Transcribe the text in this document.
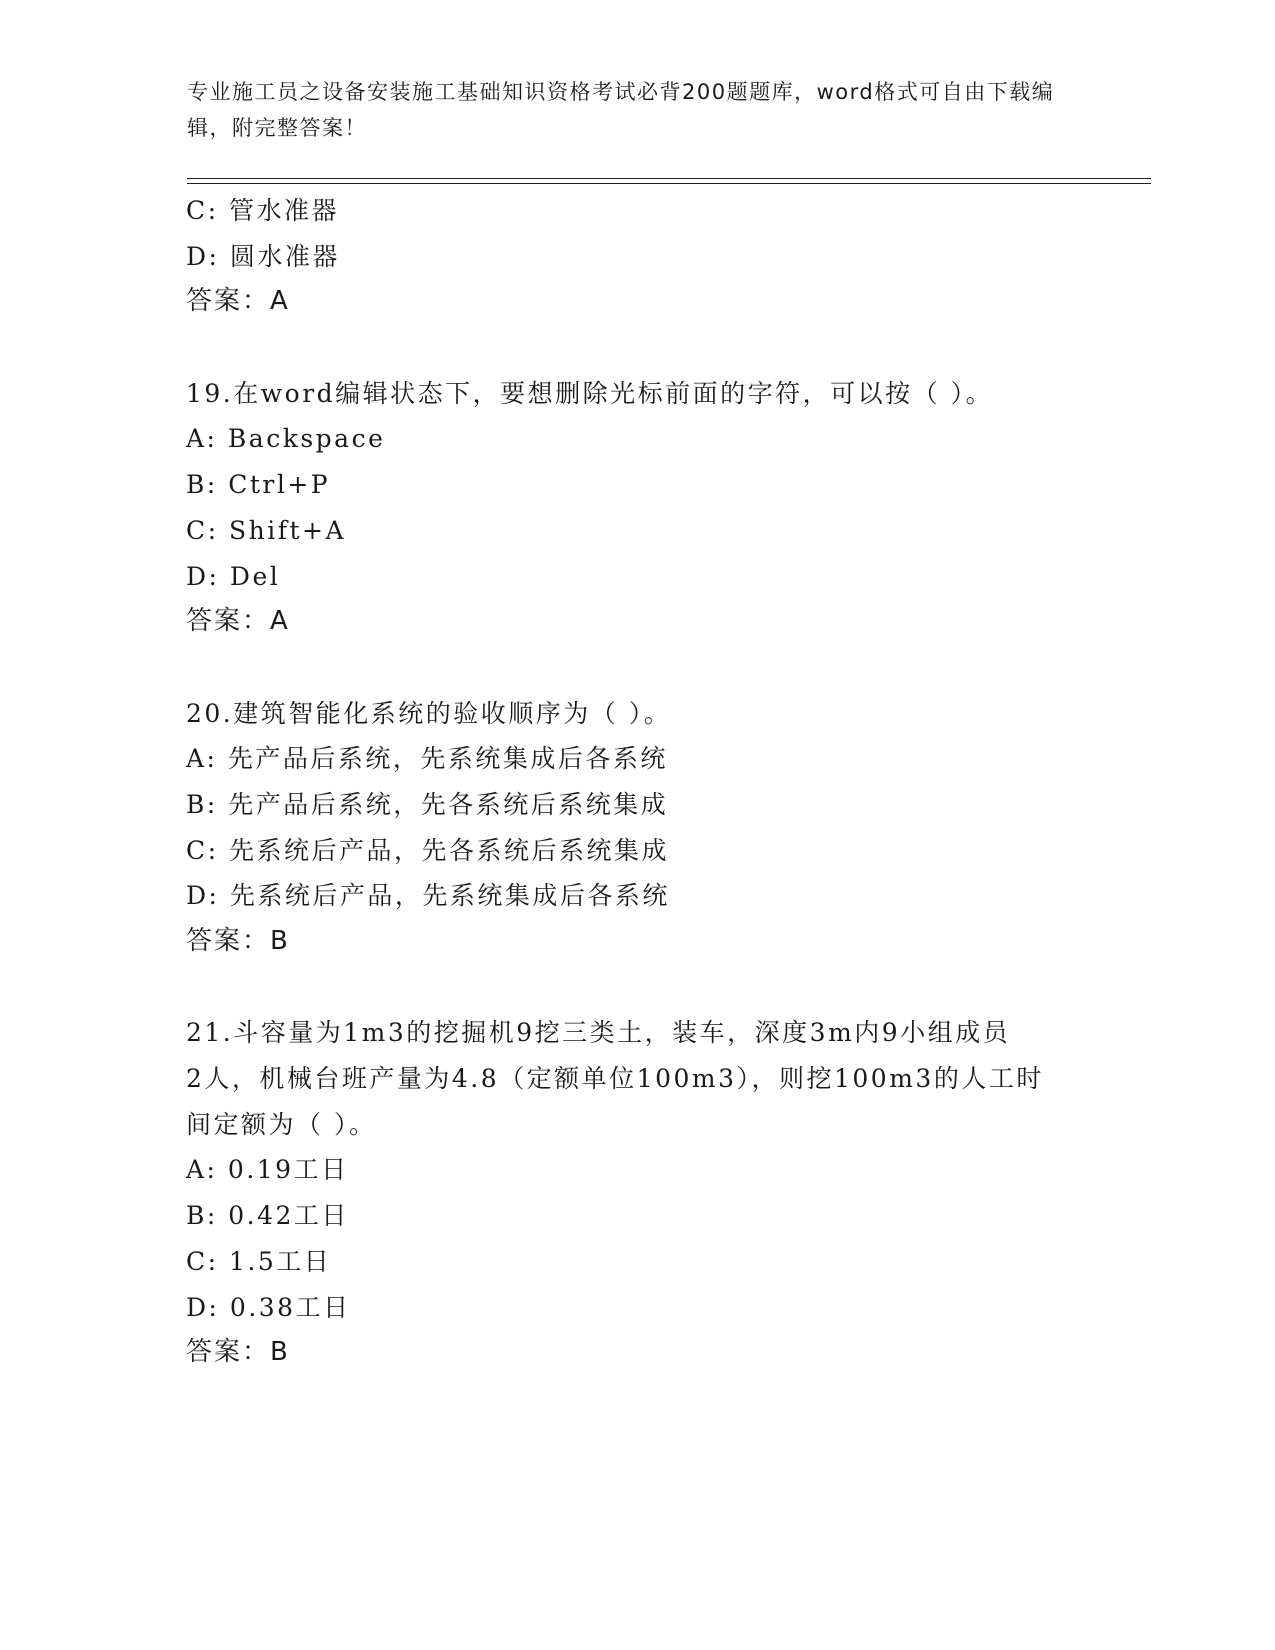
专业施工员之设备安装施工基础知识资格考试必背200题题库，word格式可自由下载编辑，附完整答案！
C: 管水准器
D: 圆水准器
答案：A
19.在word编辑状态下，要想删除光标前面的字符，可以按（ ）。
A: Backspace
B: Ctrl+P
C: Shift+A
D: Del
答案：A
20.建筑智能化系统的验收顺序为（ ）。
A: 先产品后系统，先系统集成后各系统
B: 先产品后系统，先各系统后系统集成
C: 先系统后产品，先各系统后系统集成
D: 先系统后产品，先系统集成后各系统
答案：B
21.斗容量为1m3的挖掘机9挖三类土，装车，深度3m内9小组成员
2人，机械台班产量为4.8（定额单位100m3），则挖100m3的人工时
间定额为（ ）。
A: 0.19工日
B: 0.42工日
C: 1.5工日
D: 0.38工日
答案：B
